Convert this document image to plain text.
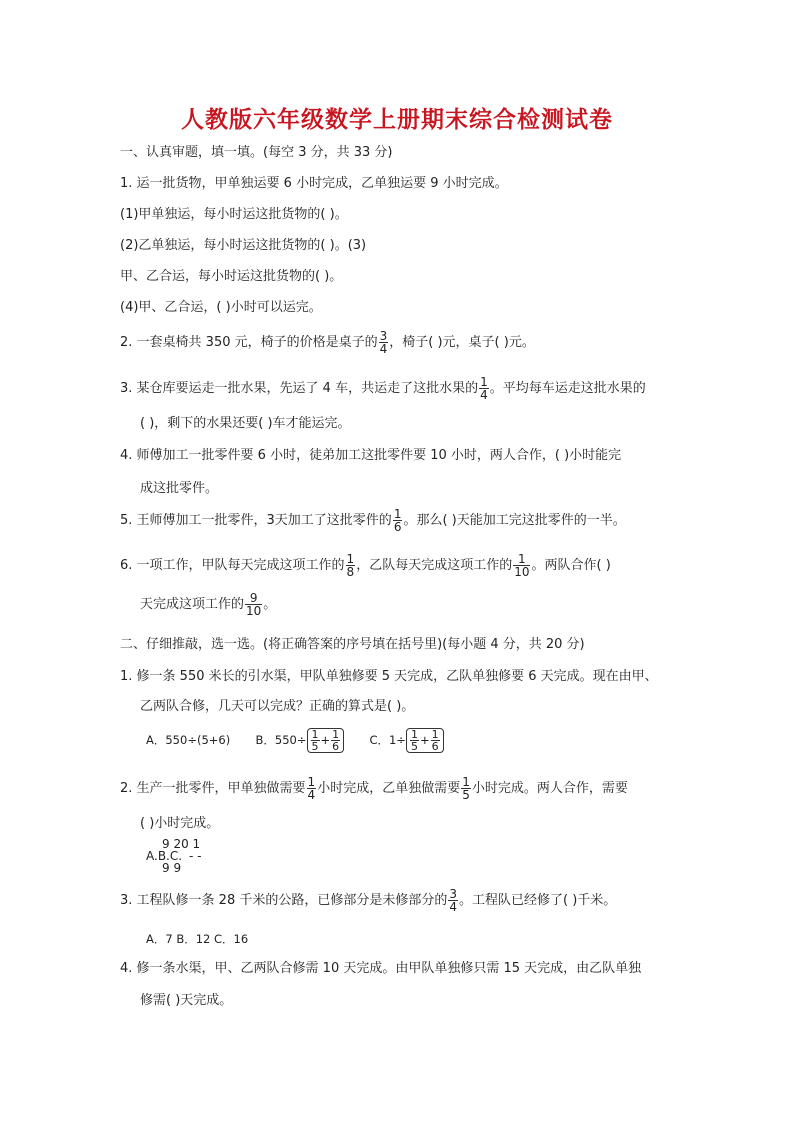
人教版六年级数学上册期末综合检测试卷
一、认真审题，填一填。(每空 3 分，共 33 分)
1. 运一批货物，甲单独运要 6 小时完成，乙单独运要 9 小时完成。
(1)甲单独运，每小时运这批货物的( )。
(2)乙单独运，每小时运这批货物的( )。(3)
甲、乙合运，每小时运这批货物的( )。
(4)甲、乙合运，( )小时可以运完。
2. 一套桌椅共 350 元，椅子的价格是桌子的 $\frac{3}{4}$ ，椅子( )元，桌子( )元。
3. 某仓库要运走一批水果，先运了 4 车，共运走了这批水果的 $\frac{1}{4}$ 。平均每车运走这批水果的
( )，剩下的水果还要( )车才能运完。
4. 师傅加工一批零件要 6 小时，徒弟加工这批零件要 10 小时，两人合作，( )小时能完
成这批零件。
5. 王师傅加工一批零件，3天加工了这批零件的 $\frac{1}{6}$ 。那么( )天能加工完这批零件的一半。
6. 一项工作，甲队每天完成这项工作的 $\frac{1}{8}$ ，乙队每天完成这项工作的 $\frac{1}{10}$ 。两队合作( )
天完成这项工作的 $\frac{9}{10}$ 。
二、仔细推敲，选一选。(将正确答案的序号填在括号里)(每小题 4 分，共 20 分)
1. 修一条 550 米长的引水渠，甲队单独修要 5 天完成，乙队单独修要 6 天完成。现在由甲、
乙两队合修，几天可以完成？正确的算式是( )。
A．550÷(5+6) B．$550\div \frac{1}{5} + \frac{1}{6}$	C．$1\div \frac{1}{5} + \frac{1}{6}$
2. 生产一批零件，甲单独做需要 $\frac{1}{4}$ 小时完成，乙单独做需要 $\frac{1}{5}$ 小时完成。两人合作，需要
( )小时完成。
9 20 1
A.B.C. - -
9 9
3. 工程队修一条 28 千米的公路，已修部分是未修部分的 $\frac{3}{4}$ 。工程队已经修了( )千米。
A．7 B．12 C．16
4. 修一条水渠，甲、乙两队合修需 10 天完成。由甲队单独修只需 15 天完成，由乙队单独
修需( )天完成。
